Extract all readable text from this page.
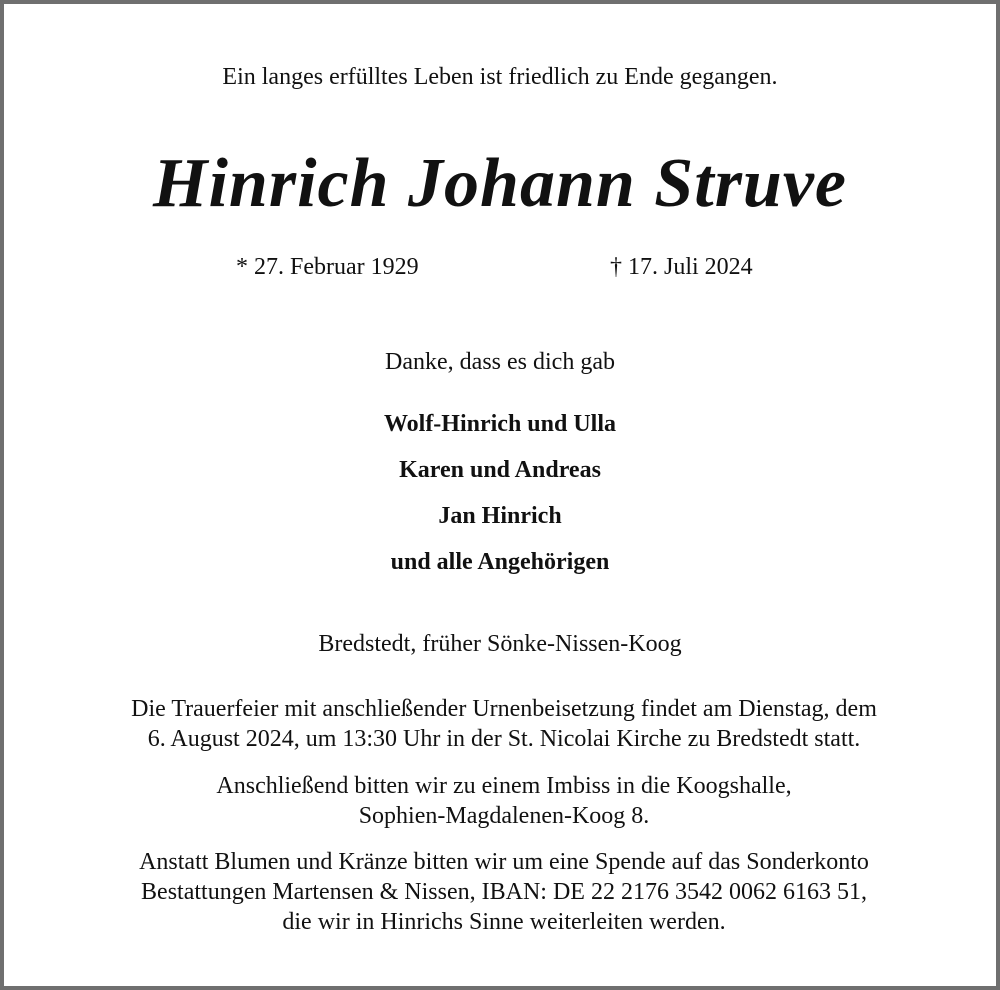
Ein langes erfülltes Leben ist friedlich zu Ende gegangen.

Hinrich Johann Struve
* 27. Februar 1929	† 17. Juli 2024

Danke, dass es dich gab

Wolf-Hinrich und Ulla

Karen und Andreas

Jan Hinrich

und alle Angehörigen

Bredstedt, früher Sönke-Nissen-Koog

Die Trauerfeier mit anschließender Urnenbeisetzung findet am Dienstag, dem
6. August 2024, um 13:30 Uhr in der St. Nicolai Kirche zu Bredstedt statt.
Anschließend bitten wir zu einem Imbiss in die Koogshalle,
Sophien-Magdalenen-Koog 8.
Anstatt Blumen und Kränze bitten wir um eine Spende auf das Sonderkonto
Bestattungen Martensen & Nissen, IBAN: DE 22 2176 3542 0062 6163 51,
die wir in Hinrichs Sinne weiterleiten werden.
